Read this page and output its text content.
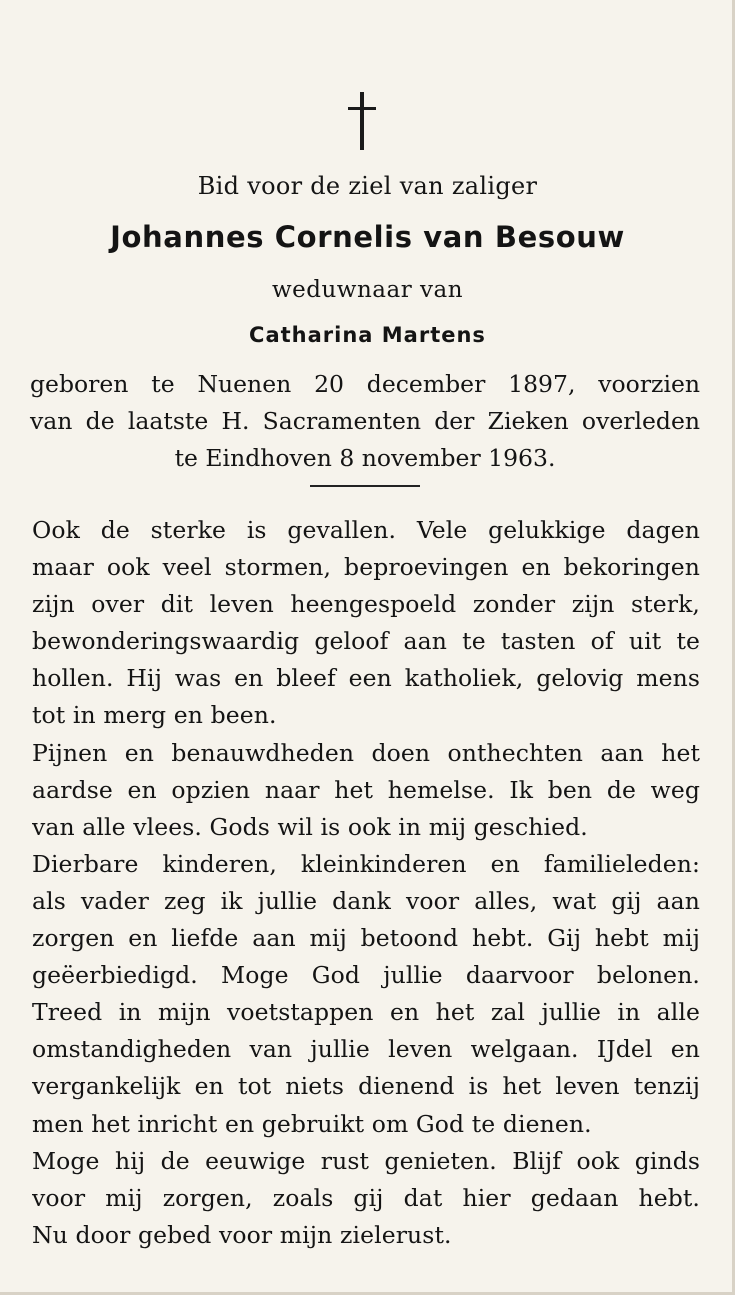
Bid voor de ziel van zaliger
Johannes Cornelis van Besouw
weduwnaar van
Catharina Martens
geboren te Nuenen 20 december 1897, voorzien
van de laatste H. Sacramenten der Zieken overleden
te Eindhoven 8 november 1963.
Ook de sterke is gevallen. Vele gelukkige dagen
maar ook veel stormen, beproevingen en bekoringen
zijn over dit leven heengespoeld zonder zijn sterk,
bewonderingswaardig geloof aan te tasten of uit te
hollen. Hij was en bleef een katholiek, gelovig mens
tot in merg en been.
Pijnen en benauwdheden doen onthechten aan het
aardse en opzien naar het hemelse. Ik ben de weg
van alle vlees. Gods wil is ook in mij geschied.
Dierbare kinderen, kleinkinderen en familieleden:
als vader zeg ik jullie dank voor alles, wat gij aan
zorgen en liefde aan mij betoond hebt. Gij hebt mij
geëerbiedigd. Moge God jullie daarvoor belonen.
Treed in mijn voetstappen en het zal jullie in alle
omstandigheden van jullie leven welgaan. IJdel en
vergankelijk en tot niets dienend is het leven tenzij
men het inricht en gebruikt om God te dienen.
Moge hij de eeuwige rust genieten. Blijf ook ginds
voor mij zorgen, zoals gij dat hier gedaan hebt.
Nu door gebed voor mijn zielerust.
